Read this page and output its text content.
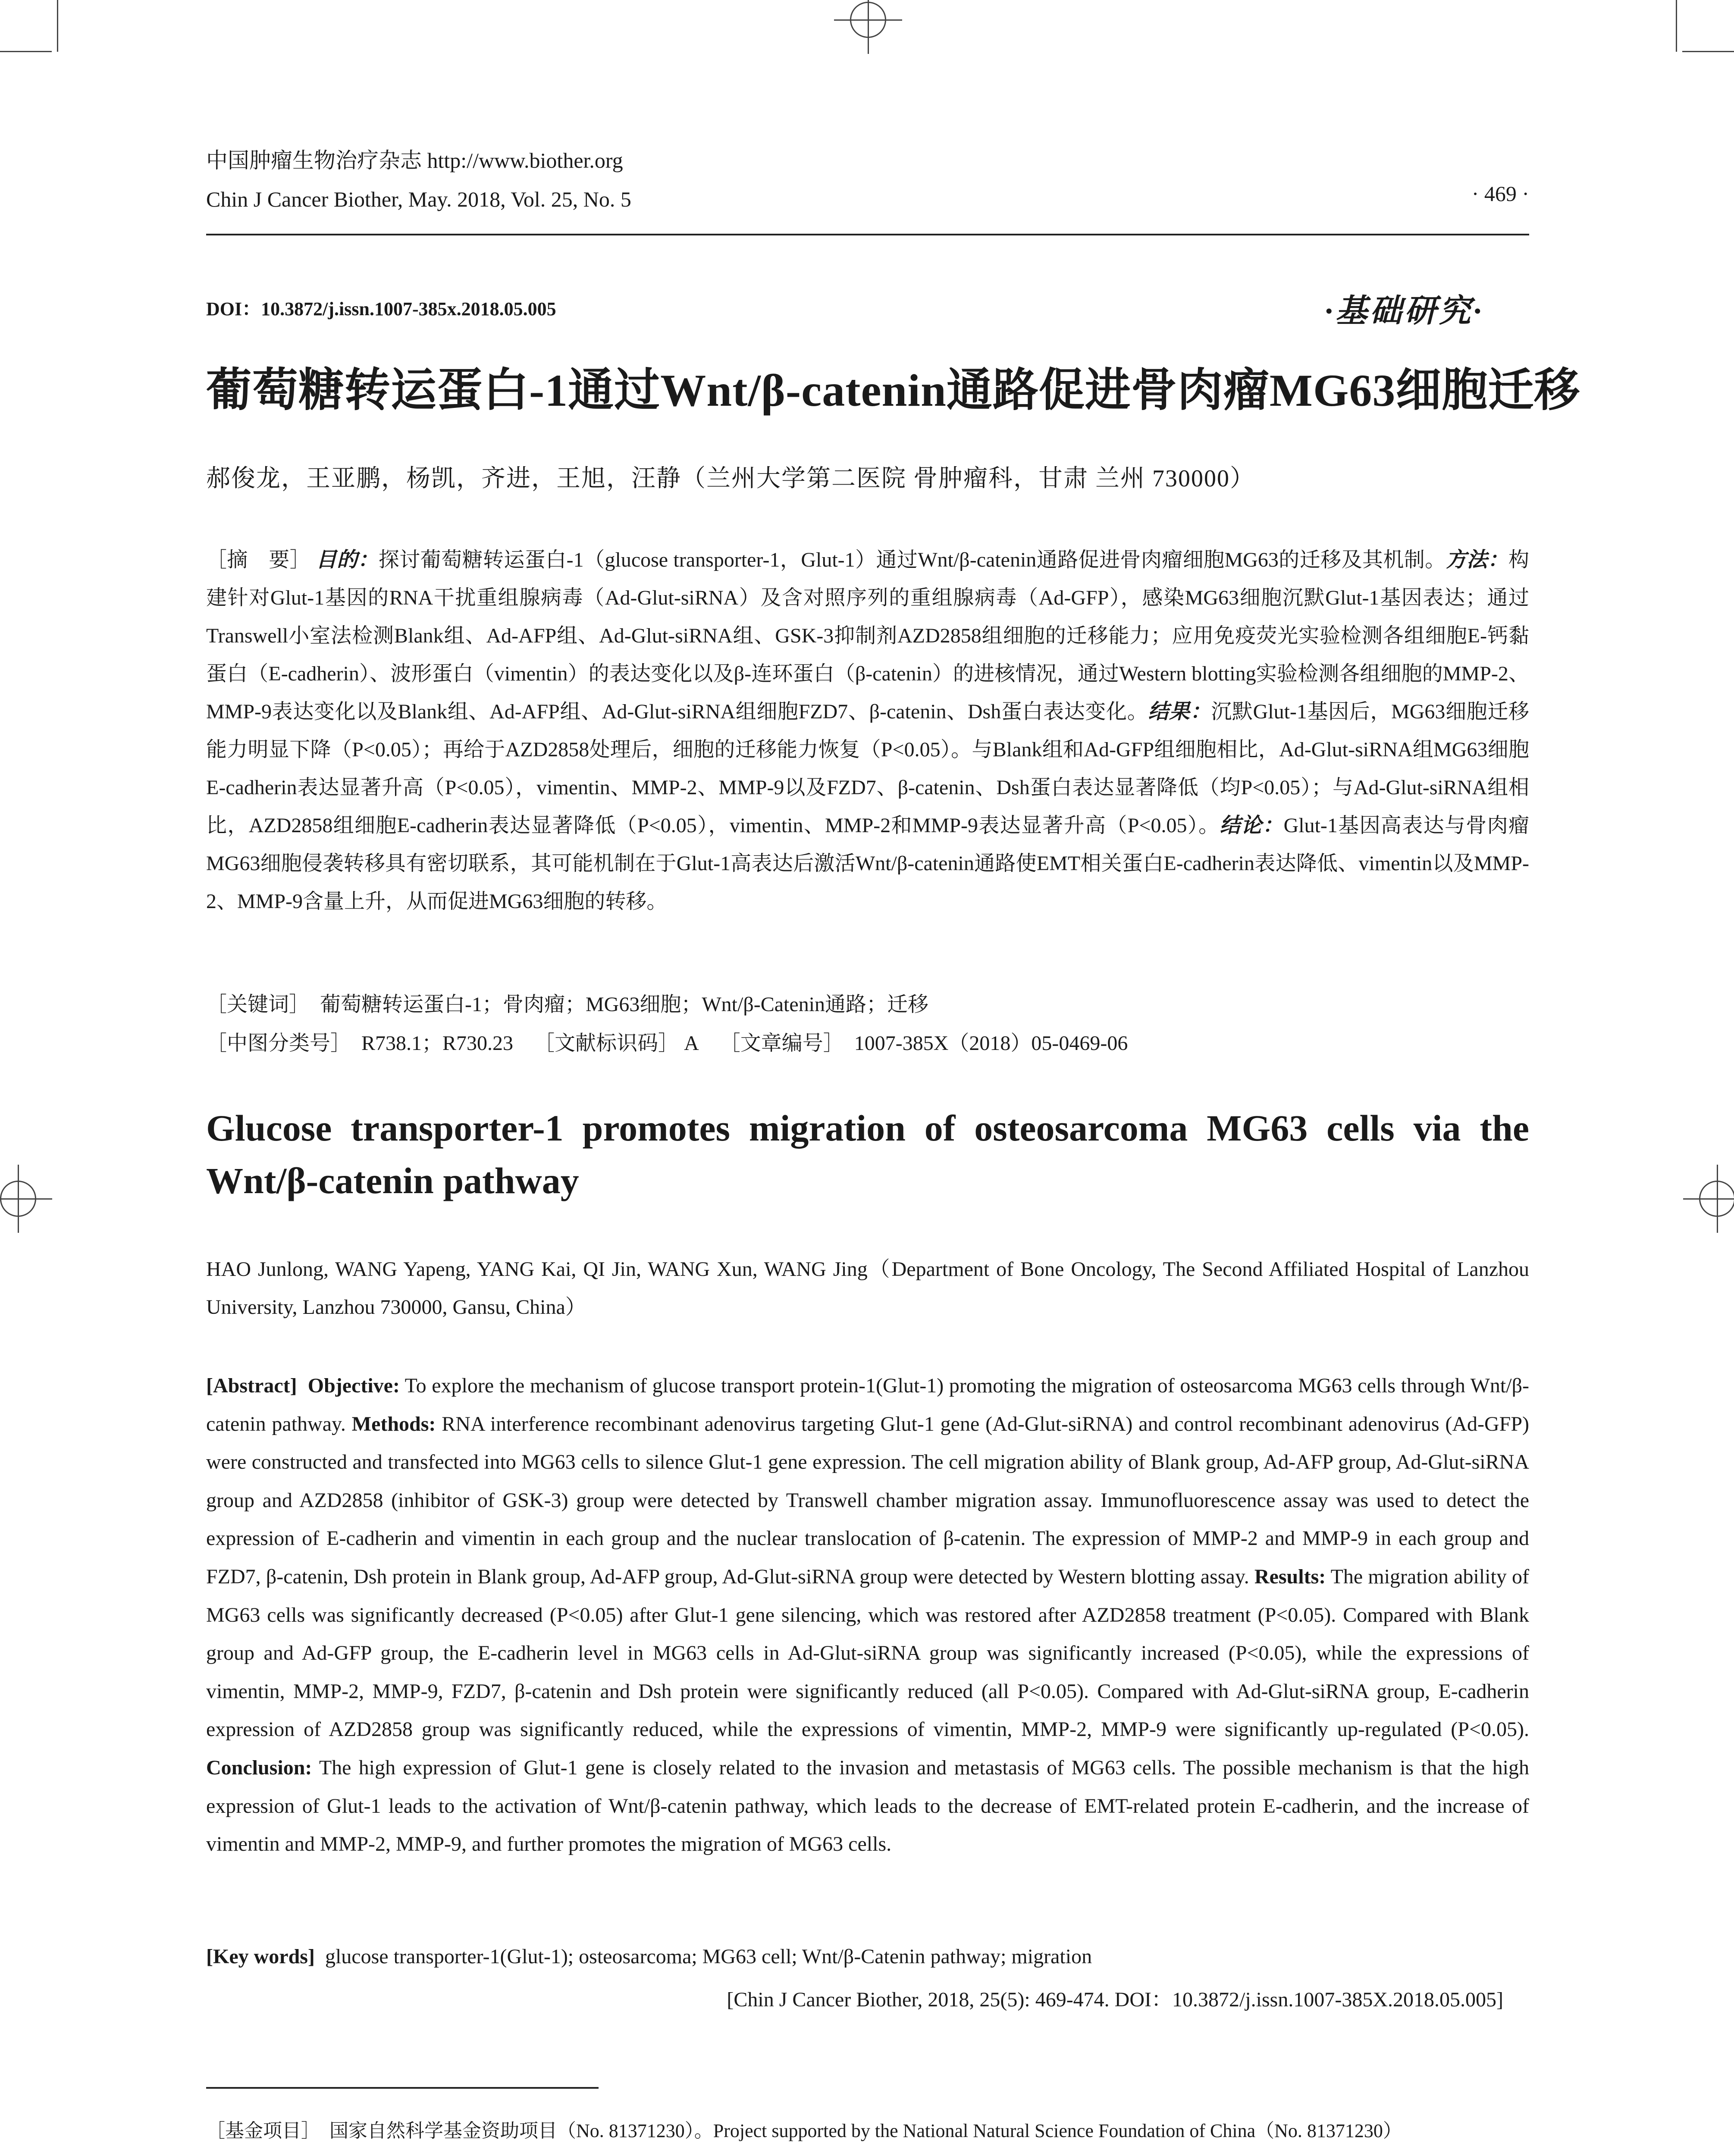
中国肿瘤生物治疗杂志 http://www.biother.org
Chin J Cancer Biother, May. 2018, Vol. 25, No. 5	· 469 ·
DOI：10.3872/j.issn.1007-385x.2018.05.005	·基础研究·
葡萄糖转运蛋白-1通过Wnt/β-catenin通路促进骨肉瘤MG63细胞迁移
郝俊龙，王亚鹏，杨凯，齐进，王旭，汪静（兰州大学第二医院 骨肿瘤科，甘肃 兰州 730000）
［摘　要］ 目的：探讨葡萄糖转运蛋白-1（glucose transporter-1，Glut-1）通过Wnt/β-catenin通路促进骨肉瘤细胞MG63的迁移及其机制。方法：构建针对Glut-1基因的RNA干扰重组腺病毒（Ad-Glut-siRNA）及含对照序列的重组腺病毒（Ad-GFP），感染MG63细胞沉默Glut-1基因表达；通过Transwell小室法检测Blank组、Ad-AFP组、Ad-Glut-siRNA组、GSK-3抑制剂AZD2858组细胞的迁移能力；应用免疫荧光实验检测各组细胞E-钙黏蛋白（E-cadherin）、波形蛋白（vimentin）的表达变化以及β-连环蛋白（β-catenin）的进核情况，通过Western blotting实验检测各组细胞的MMP-2、MMP-9表达变化以及Blank组、Ad-AFP组、Ad-Glut-siRNA组细胞FZD7、β-catenin、Dsh蛋白表达变化。结果：沉默Glut-1基因后，MG63细胞迁移能力明显下降（P<0.05）；再给于AZD2858处理后，细胞的迁移能力恢复（P<0.05）。与Blank组和Ad-GFP组细胞相比，Ad-Glut-siRNA组MG63细胞E-cadherin表达显著升高（P<0.05），vimentin、MMP-2、MMP-9以及FZD7、β-catenin、Dsh蛋白表达显著降低（均P<0.05）；与Ad-Glut-siRNA组相比，AZD2858组细胞E-cadherin表达显著降低（P<0.05），vimentin、MMP-2和MMP-9表达显著升高（P<0.05）。结论：Glut-1基因高表达与骨肉瘤MG63细胞侵袭转移具有密切联系，其可能机制在于Glut-1高表达后激活Wnt/β-catenin通路使EMT相关蛋白E-cadherin表达降低、vimentin以及MMP-2、MMP-9含量上升，从而促进MG63细胞的转移。
［关键词］ 葡萄糖转运蛋白-1；骨肉瘤；MG63细胞；Wnt/β-Catenin通路；迁移
［中图分类号］ R738.1；R730.23 ［文献标识码］ A ［文章编号］ 1007-385X（2018）05-0469-06
Glucose transporter-1 promotes migration of osteosarcoma MG63 cells via the Wnt/β-catenin pathway
HAO Junlong, WANG Yapeng, YANG Kai, QI Jin, WANG Xun, WANG Jing（Department of Bone Oncology, The Second Affiliated Hospital of Lanzhou University, Lanzhou 730000, Gansu, China）
[Abstract] Objective: To explore the mechanism of glucose transport protein-1(Glut-1) promoting the migration of osteosarcoma MG63 cells through Wnt/β-catenin pathway. Methods: RNA interference recombinant adenovirus targeting Glut-1 gene (Ad-Glut-siRNA) and control recombinant adenovirus (Ad-GFP) were constructed and transfected into MG63 cells to silence Glut-1 gene expression. The cell migration ability of Blank group, Ad-AFP group, Ad-Glut-siRNA group and AZD2858 (inhibitor of GSK-3) group were detected by Transwell chamber migration assay. Immunofluorescence assay was used to detect the expression of E-cadherin and vimentin in each group and the nuclear translocation of β-catenin. The expression of MMP-2 and MMP-9 in each group and FZD7, β-catenin, Dsh protein in Blank group, Ad-AFP group, Ad-Glut-siRNA group were detected by Western blotting assay. Results: The migration ability of MG63 cells was significantly decreased (P<0.05) after Glut-1 gene silencing, which was restored after AZD2858 treatment (P<0.05). Compared with Blank group and Ad-GFP group, the E-cadherin level in MG63 cells in Ad-Glut-siRNA group was significantly increased (P<0.05), while the expressions of vimentin, MMP-2, MMP-9, FZD7, β-catenin and Dsh protein were significantly reduced (all P<0.05). Compared with Ad-Glut-siRNA group, E-cadherin expression of AZD2858 group was significantly reduced, while the expressions of vimentin, MMP-2, MMP-9 were significantly up-regulated (P<0.05). Conclusion: The high expression of Glut-1 gene is closely related to the invasion and metastasis of MG63 cells. The possible mechanism is that the high expression of Glut-1 leads to the activation of Wnt/β-catenin pathway, which leads to the decrease of EMT-related protein E-cadherin, and the increase of vimentin and MMP-2, MMP-9, and further promotes the migration of MG63 cells.
[Key words] glucose transporter-1(Glut-1); osteosarcoma; MG63 cell; Wnt/β-Catenin pathway; migration
[Chin J Cancer Biother, 2018, 25(5): 469-474. DOI：10.3872/j.issn.1007-385X.2018.05.005]
［基金项目］ 国家自然科学基金资助项目（No. 81371230）。Project supported by the National Natural Science Foundation of China（No. 81371230）
